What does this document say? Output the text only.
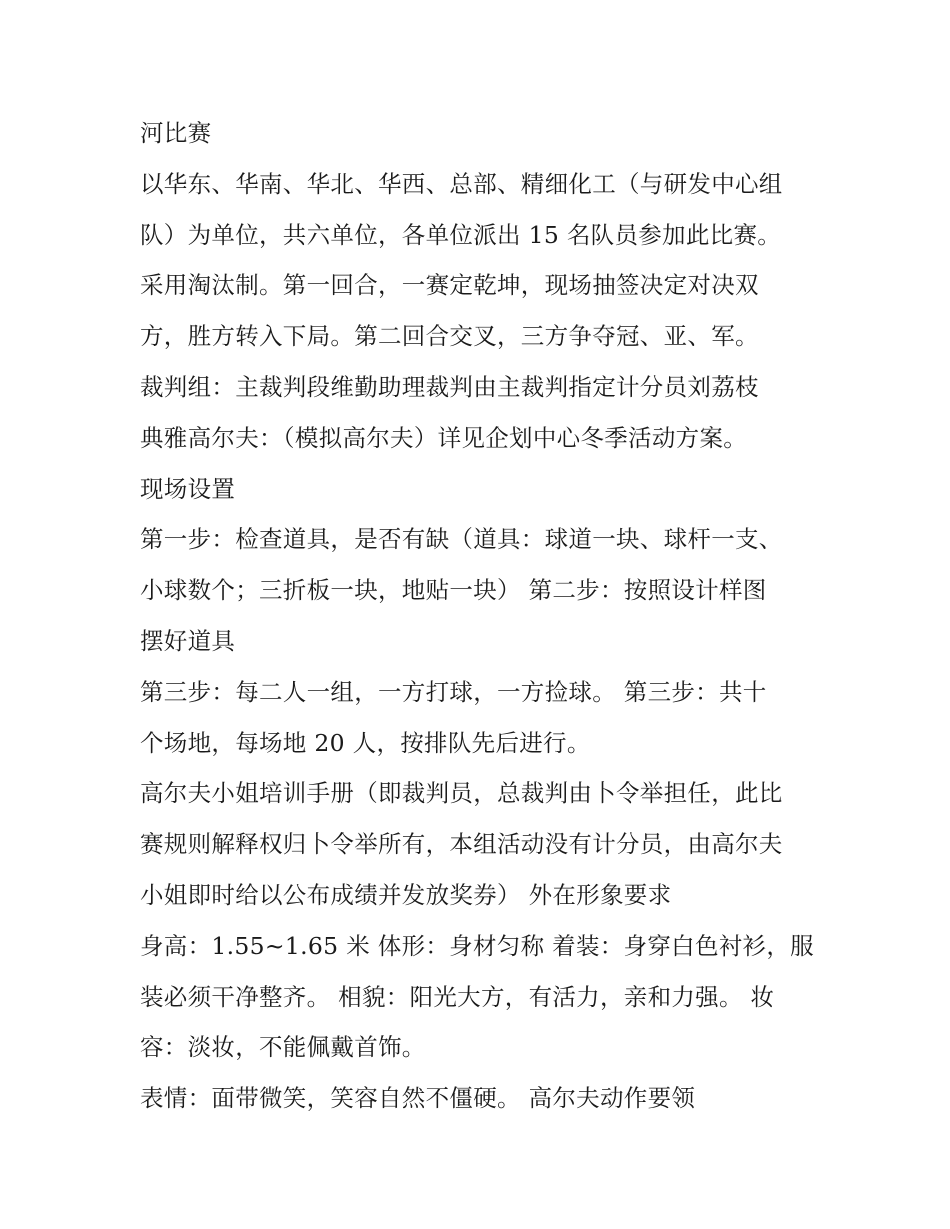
河比赛
以华东、华南、华北、华西、总部、精细化工（与研发中心组
队）为单位，共六单位，各单位派出 15 名队员参加此比赛。
采用淘汰制。第一回合，一赛定乾坤，现场抽签决定对决双
方，胜方转入下局。第二回合交叉，三方争夺冠、亚、军。
裁判组：主裁判段维勤助理裁判由主裁判指定计分员刘荔枝
典雅高尔夫：（模拟高尔夫）详见企划中心冬季活动方案。
现场设置
第一步：检查道具，是否有缺（道具：球道一块、球杆一支、
小球数个；三折板一块，地贴一块） 第二步：按照设计样图
摆好道具
第三步：每二人一组，一方打球，一方捡球。 第三步：共十
个场地，每场地 20 人，按排队先后进行。
高尔夫小姐培训手册（即裁判员，总裁判由卜令举担任，此比
赛规则解释权归卜令举所有，本组活动没有计分员，由高尔夫
小姐即时给以公布成绩并发放奖券） 外在形象要求
身高：1.55~1.65 米 体形：身材匀称 着装：身穿白色衬衫，服
装必须干净整齐。 相貌：阳光大方，有活力，亲和力强。 妆
容：淡妆，不能佩戴首饰。
表情：面带微笑，笑容自然不僵硬。 高尔夫动作要领
